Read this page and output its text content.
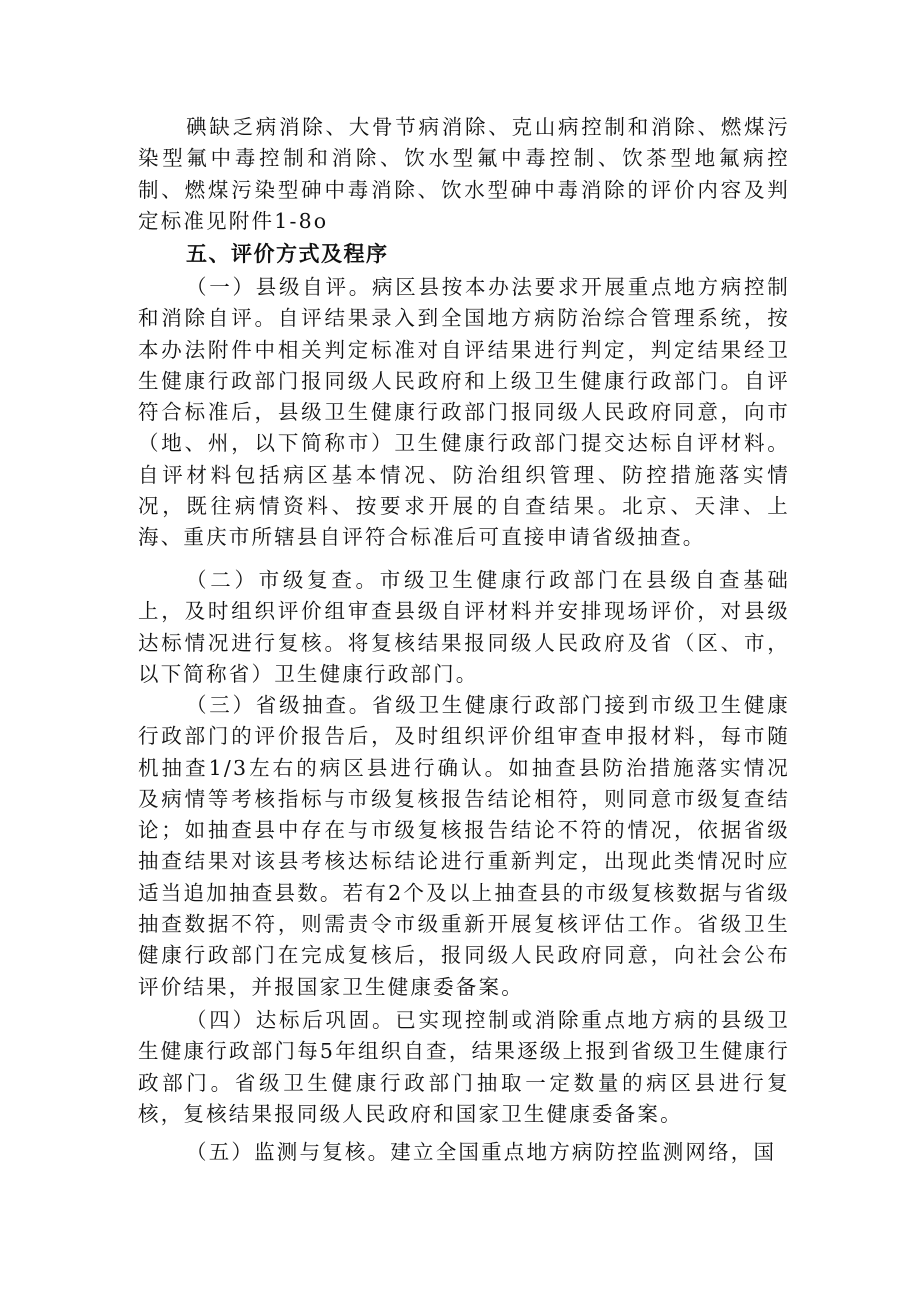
碘缺乏病消除、大骨节病消除、克山病控制和消除、燃煤污染型氟中毒控制和消除、饮水型氟中毒控制、饮茶型地氟病控制、燃煤污染型砷中毒消除、饮水型砷中毒消除的评价内容及判定标准见附件1-8o

五、评价方式及程序

（一）县级自评。病区县按本办法要求开展重点地方病控制和消除自评。自评结果录入到全国地方病防治综合管理系统，按本办法附件中相关判定标准对自评结果进行判定，判定结果经卫生健康行政部门报同级人民政府和上级卫生健康行政部门。自评符合标准后，县级卫生健康行政部门报同级人民政府同意，向市（地、州，以下简称市）卫生健康行政部门提交达标自评材料。自评材料包括病区基本情况、防治组织管理、防控措施落实情况，既往病情资料、按要求开展的自查结果。北京、天津、上海、重庆市所辖县自评符合标准后可直接申请省级抽查。

（二）市级复查。市级卫生健康行政部门在县级自查基础上，及时组织评价组审查县级自评材料并安排现场评价，对县级达标情况进行复核。将复核结果报同级人民政府及省（区、市，以下简称省）卫生健康行政部门。

（三）省级抽查。省级卫生健康行政部门接到市级卫生健康行政部门的评价报告后，及时组织评价组审查申报材料，每市随机抽查1/3左右的病区县进行确认。如抽查县防治措施落实情况及病情等考核指标与市级复核报告结论相符，则同意市级复查结论；如抽查县中存在与市级复核报告结论不符的情况，依据省级抽查结果对该县考核达标结论进行重新判定，出现此类情况时应适当追加抽查县数。若有2个及以上抽查县的市级复核数据与省级抽查数据不符，则需责令市级重新开展复核评估工作。省级卫生健康行政部门在完成复核后，报同级人民政府同意，向社会公布评价结果，并报国家卫生健康委备案。

（四）达标后巩固。已实现控制或消除重点地方病的县级卫生健康行政部门每5年组织自查，结果逐级上报到省级卫生健康行政部门。省级卫生健康行政部门抽取一定数量的病区县进行复核，复核结果报同级人民政府和国家卫生健康委备案。

（五）监测与复核。建立全国重点地方病防控监测网络，国
